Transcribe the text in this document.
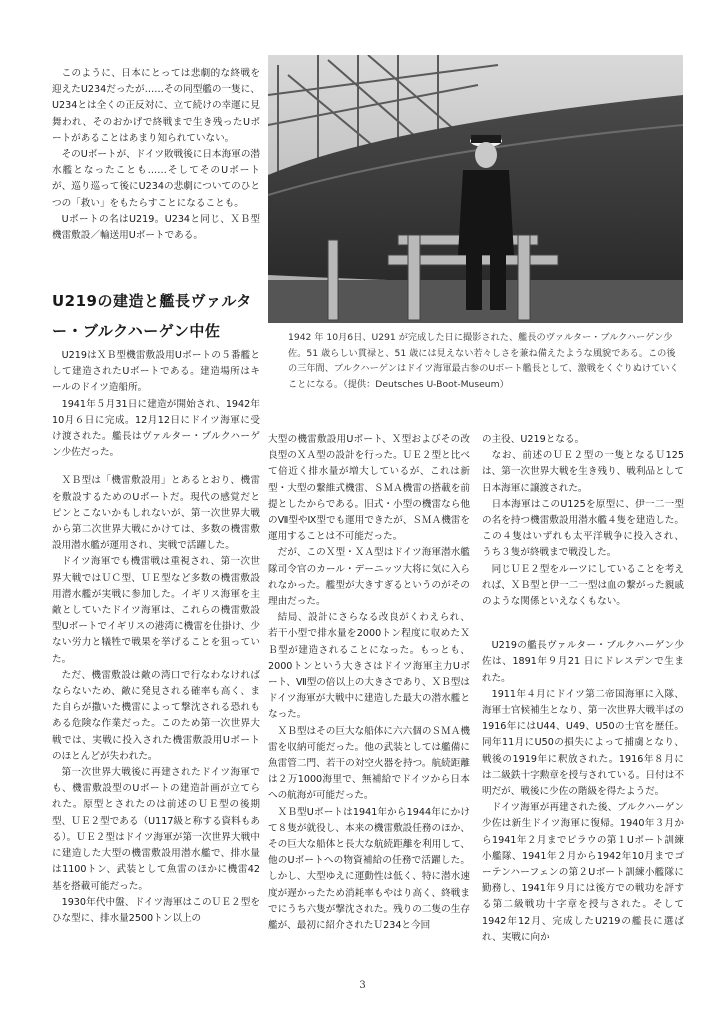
このように、日本にとっては悲劇的な終戦を迎えたU234だったが……その同型艦の一隻に、U234とは全くの正反対に、立て続けの幸運に見舞われ、そのおかげで終戦まで生き残ったUボートがあることはあまり知られていない。

そのUボートが、ドイツ敗戦後に日本海軍の潜水艦となったことも……そしてそのUボートが、巡り巡って後にU234の悲劇についてのひとつの「救い」をもたらすことになることも。

Uボートの名はU219。U234と同じ、ＸＢ型機雷敷設／輸送用Uボートである。

U219の建造と艦長ヴァルタ
ー・ブルクハーゲン中佐	1942 年 10月6日、U291 が完成した日に撮影された、艦長のヴァルター・ブルクハーゲン少佐。51 歳らしい貫禄と、51 歳には見えない若々しさを兼ね備えたような風貌である。この後の三年間、ブルクハーゲンはドイツ海軍最古参のUボート艦長として、激戦をくぐりぬけていくことになる。（提供：Deutsches U-Boot-Museum）

U219はＸＢ型機雷敷設用Uボートの５番艦として建造されたUボートである。建造場所はキールのドイツ造船所。

1941年５月31日に建造が開始され、1942年10月６日に完成。12月12日にドイツ海軍に受け渡された。艦長はヴァルター・ブルクハーゲン少佐だった。

ＸＢ型は「機雷敷設用」とあるとおり、機雷を敷設するためのUボートだ。現代の感覚だとピンとこないかもしれないが、第一次世界大戦から第二次世界大戦にかけては、多数の機雷敷設用潜水艦が運用され、実戦で活躍した。

ドイツ海軍でも機雷戦は重視され、第一次世界大戦ではＵＣ型、ＵＥ型など多数の機雷敷設用潜水艦が実戦に参加した。イギリス海軍を主敵としていたドイツ海軍は、これらの機雷敷設型Uボートでイギリスの港湾に機雷を仕掛け、少ない労力と犠牲で戦果を挙げることを狙っていた。

ただ、機雷敷設は敵の湾口で行なわなければならないため、敵に発見される確率も高く、また自らが撒いた機雷によって撃沈される恐れもある危険な作業だった。このため第一次世界大戦では、実戦に投入された機雷敷設用Uボートのほとんどが失われた。

第一次世界大戦後に再建されたドイツ海軍でも、機雷敷設型のUボートの建造計画が立てられた。原型とされたのは前述のＵＥ型の後期型、ＵＥ２型である（U117級と称する資料もある）。ＵＥ２型はドイツ海軍が第一次世界大戦中に建造した大型の機雷敷設用潜水艦で、排水量は1100トン、武装として魚雷のほかに機雷42基を搭載可能だった。

1930年代中盤、ドイツ海軍はこのＵＥ２型をひな型に、排水量2500トン以上の

大型の機雷敷設用Uボート、Ｘ型およびその改良型のＸＡ型の設計を行った。ＵＥ２型と比べて倍近く排水量が増大しているが、これは新型・大型の繋維式機雷、ＳＭＡ機雷の搭載を前提としたからである。旧式・小型の機雷なら他のⅦ型やⅨ型でも運用できたが、ＳＭＡ機雷を運用することは不可能だった。

だが、このＸ型・ＸＡ型はドイツ海軍潜水艦隊司令官のカール・デーニッツ大将に気に入られなかった。艦型が大きすぎるというのがその理由だった。

結局、設計にさらなる改良がくわえられ、若干小型で排水量を2000トン程度に収めたＸＢ型が建造されることになった。もっとも、2000トンという大きさはドイツ海軍主力Uボート、Ⅶ型の倍以上の大きさであり、ＸＢ型はドイツ海軍が大戦中に建造した最大の潜水艦となった。

ＸＢ型はその巨大な船体に六六個のＳＭＡ機雷を収納可能だった。他の武装としては艦備に魚雷管二門、若干の対空火器を持つ。航続距離は２万1000海里で、無補給でドイツから日本への航海が可能だった。

ＸＢ型Uボートは1941年から1944年にかけて８隻が就役し、本来の機雷敷設任務のほか、その巨大な船体と長大な航続距離を利用して、他のUボートへの物資補給の任務で活躍した。しかし、大型ゆえに運動性は低く、特に潜水速度が遅かったため消耗率もやはり高く、終戦までにうち六隻が撃沈された。残りの二隻の生存艦が、最初に紹介されたＵ234と今回

の主役、U219となる。

なお、前述のＵＥ２型の一隻となるＵ125は、第一次世界大戦を生き残り、戦利品として日本海軍に譲渡された。

日本海軍はこのU125を原型に、伊一二一型の名を持つ機雷敷設用潜水艦４隻を建造した。この４隻はいずれも太平洋戦争に投入され、うち３隻が終戦まで戦没した。

同じＵＥ２型をルーツにしていることを考えれば、ＸＢ型と伊一二一型は血の繋がった親戚のような関係といえなくもない。

U219の艦長ヴァルター・ブルクハーゲン少佐は、1891年９月21 日にドレスデンで生まれた。

1911年４月にドイツ第二帝国海軍に入隊、海軍士官候補生となり、第一次世界大戦半ばの1916年にはU44、U49、U50の士官を歴任。同年11月にU50の損失によって捕虜となり、戦後の1919年に釈放された。1916年８月には二級鉄十字勲章を授与されている。日付は不明だが、戦後に少佐の階級を得たようだ。

ドイツ海軍が再建された後、ブルクハーゲン少佐は新生ドイツ海軍に復帰。1940年３月から1941年２月までピラウの第１Uボート訓練小艦隊、1941年２月から1942年10月までゴーテンハーフェンの第２Uボート訓練小艦隊に勤務し、1941年９月には後方での戦功を評する第二級戦功十字章を授与された。そして1942年12月、完成したU219の艦長に選ばれ、実戦に向か

3
